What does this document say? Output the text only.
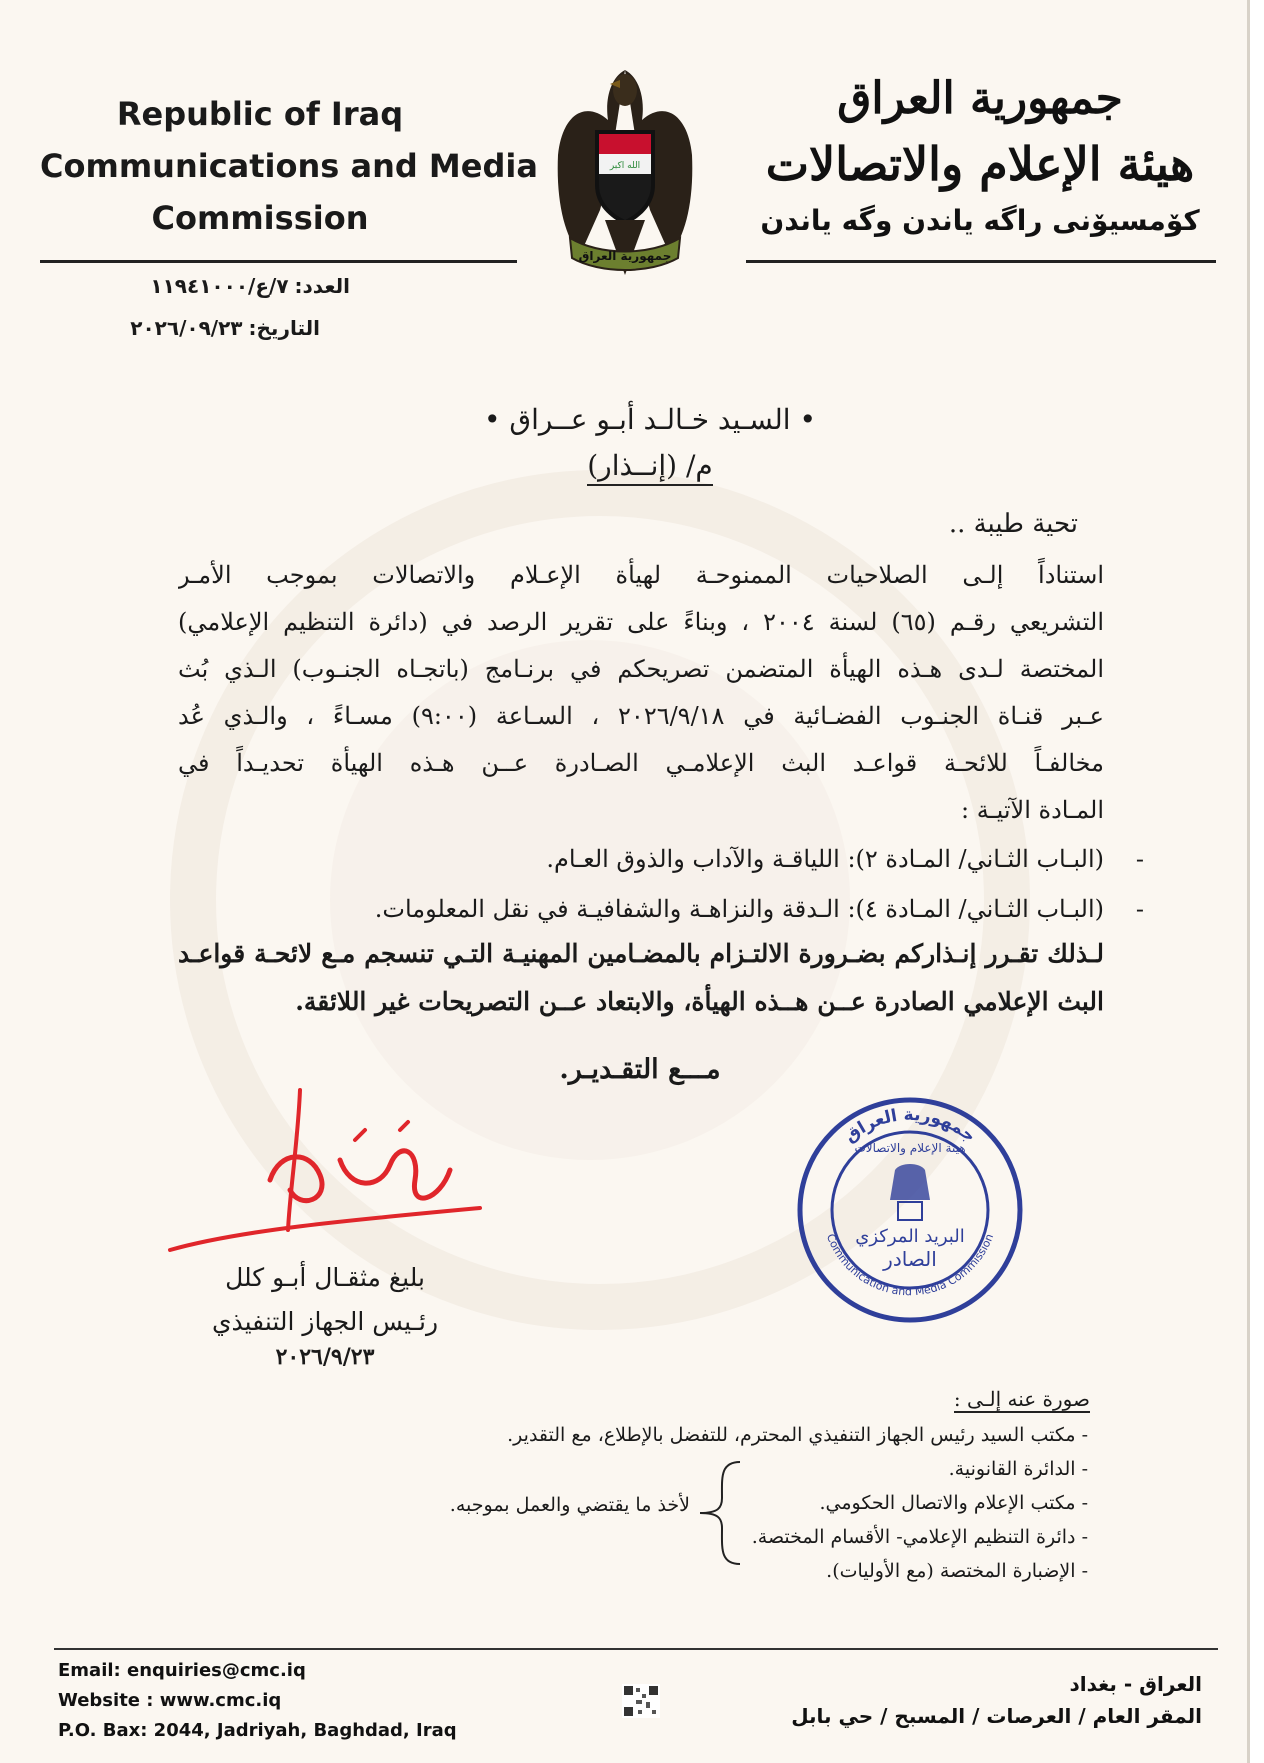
Republic of Iraq
Communications and Media
Commission
الله اكبر
جمهورية العراق
جمهورية العراق
هيئة الإعلام والاتصالات
كۆمسيۆنى راگه ياندن وگه ياندن
العدد:٧/ع/١١٩٤١٠٠٠
التاريخ:٢٠٢٦/٠٩/٢٣
• السـيد خـالـد أبـو عــراق •
م/ (إنــذار)
تحية طيبة ..
استناداً إلـى الصلاحيات الممنوحـة لهيأة الإعـلام والاتصالات بموجب الأمـر
التشريعي رقـم (٦٥) لسنة ٢٠٠٤ ، وبناءً على تقرير الرصد في (دائرة التنظيم الإعلامي)
المختصة لـدى هـذه الهيأة المتضمن تصريحكم في برنـامج (باتجـاه الجنـوب) الـذي بُث
عـبر قنـاة الجنـوب الفضـائية في ٢٠٢٦/٩/١٨ ، السـاعة (٩:٠٠) مسـاءً ، والـذي عُد
مخالفـاً للائحـة قواعـد البث الإعلامـي الصـادرة عــن هـذه الهيأة تحديـداً في
المـادة الآتيـة :
-
(البـاب الثـاني/ المـادة ٢): اللياقـة والآداب والذوق العـام.
-
(البـاب الثـاني/ المـادة ٤): الـدقة والنزاهـة والشفافيـة في نقل المعلومات.
لـذلك تقـرر إنـذاركم بضـرورة الالتـزام بالمضـامين المهنيـة التـي تنسجم مـع لائحـة قواعـد
البث الإعلامي الصادرة عــن هــذه الهيأة، والابتعاد عــن التصريحات غير اللائقة.
مـــع التقـديـر.
بليغ مثقـال أبـو كلل
رئـيس الجهاز التنفيذي
٢٠٢٦/٩/٢٣
جمهورية العراق
هيئة الإعلام والاتصالات
البريد المركزي
الصادر
Communication and Media Commission
صورة عنه إلـى :
- مكتب السيد رئيس الجهاز التنفيذي المحترم، للتفضل بالإطلاع، مع التقدير.
- الدائرة القانونية.
- مكتب الإعلام والاتصال الحكومي.
- دائرة التنظيم الإعلامي- الأقسام المختصة.
- الإضبارة المختصة (مع الأوليات).
لأخذ ما يقتضي والعمل بموجبه.
Email: enquiries@cmc.iq
Website : www.cmc.iq
P.O. Bax: 2044, Jadriyah, Baghdad, Iraq
العراق - بغداد
المقر العام / العرصات / المسبح / حي بابل
